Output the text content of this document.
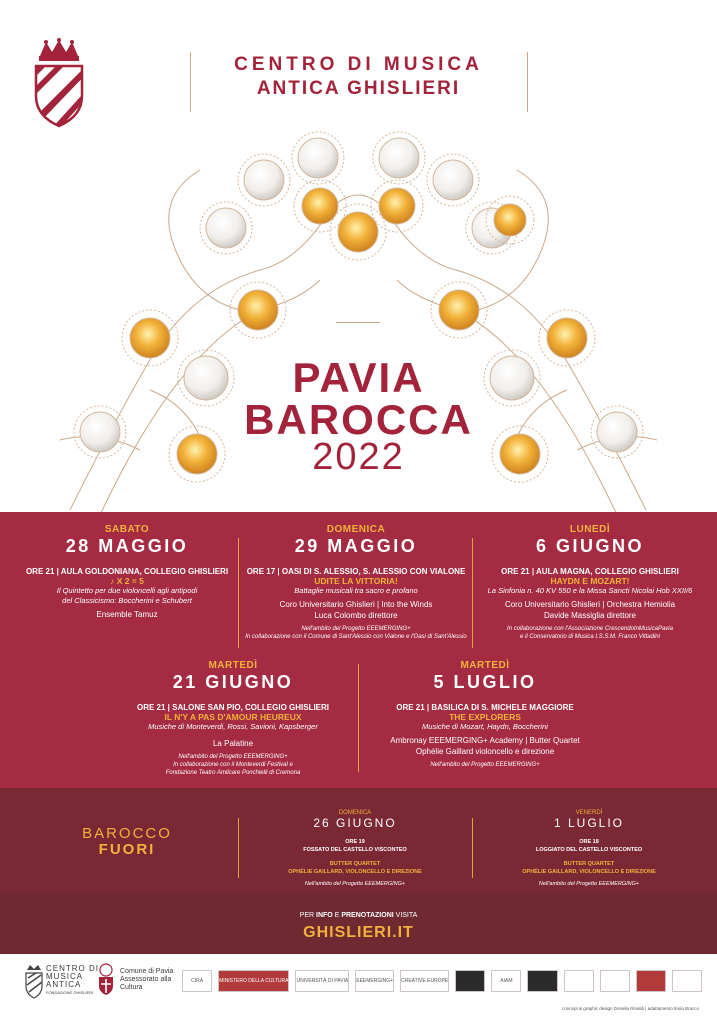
CENTRO DI MUSICA
ANTICA GHISLIERI
PAVIA
BAROCCA
2022
SABATO
28 MAGGIO
ORE 21 | AULA GOLDONIANA, COLLEGIO GHISLIERI
♪ X 2 = 5
Il Quintetto per due violoncelli agli antipodi
del Classicismo: Boccherini e Schubert
Ensemble Tamuz
DOMENICA
29 MAGGIO
ORE 17 | OASI DI S. ALESSIO, S. ALESSIO CON VIALONE
UDITE LA VITTORIA!
Battaglie musicali tra sacro e profano
Coro Universitario Ghislieri | Into the Winds
Luca Colombo direttore
Nell'ambito del Progetto EEEMERGING+
In collaborazione con il Comune di Sant'Alessio con Vialone e l'Oasi di Sant'Alessio
LUNEDÌ
6 GIUGNO
ORE 21 | AULA MAGNA, COLLEGIO GHISLIERI
HAYDN E MOZART!
La Sinfonia n. 40 KV 550 e la Missa Sancti Nicolai Hob XXII/6
Coro Universitario Ghislieri | Orchestra Hemiolia
Davide Massiglia direttore
In collaborazione con l'Associazione CrescendoInMusicaPavia
e il Conservatorio di Musica I.S.S.M. Franco Vittadini
MARTEDÌ
21 GIUGNO
ORE 21 | SALONE SAN PIO, COLLEGIO GHISLIERI
IL N'Y A PAS D'AMOUR HEUREUX
Musiche di Monteverdi, Rossi, Savioni, Kapsberger
La Palatine
Nell'ambito del Progetto EEEMERGING+
In collaborazione con il Monteverdi Festival e
Fondazione Teatro Amilcare Ponchielli di Cremona
MARTEDÌ
5 LUGLIO
ORE 21 | BASILICA DI S. MICHELE MAGGIORE
THE EXPLORERS
Musiche di Mozart, Haydn, Boccherini
Ambronay EEEMERGING+ Academy | Butter Quartet
Ophélie Gaillard violoncello e direzione
Nell'ambito del Progetto EEEMERGING+
BAROCCO
FUORI
DOMENICA
26 GIUGNO
ORE 19
FOSSATO DEL CASTELLO VISCONTEO
BUTTER QUARTET
OPHÉLIE GAILLARD, VIOLONCELLO E DIREZIONE
Nell'ambito del Progetto EEEMERGING+
VENERDÌ
1 LUGLIO
ORE 18
LOGGIATO DEL CASTELLO VISCONTEO
BUTTER QUARTET
OPHÉLIE GAILLARD, VIOLONCELLO E DIREZIONE
Nell'ambito del Progetto EEEMERGING+
PER INFO E PRENOTAZIONI VISITA
GHISLIERI.IT
CENTRO DI
MUSICA
ANTICA
FONDAZIONE GHISLIERI
Comune di Pavia
Assessorato alla
Cultura
CIRA	MINISTERO DELLA CULTURA UNIVERSITÀ DI PAVIA EEEMERGING+ CREATIVE EUROPE	AIAM
concept & graphic design Donella Rinaldi | adattamento Ilaria Bracco
